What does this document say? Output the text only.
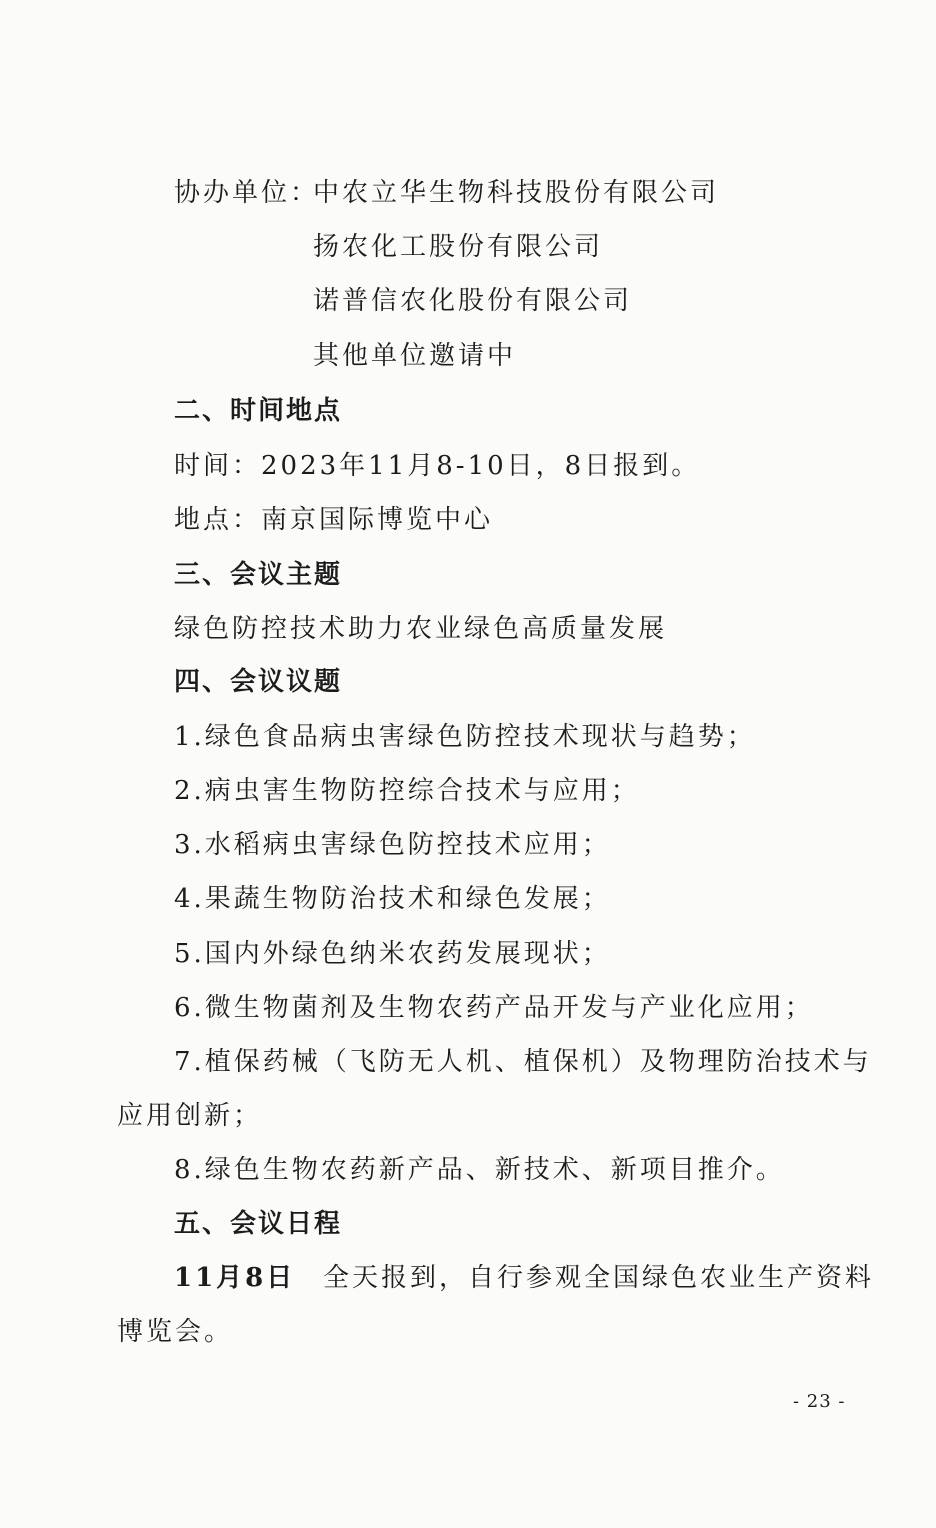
协办单位：
中农立华生物科技股份有限公司
扬农化工股份有限公司
诺普信农化股份有限公司
其他单位邀请中
二、时间地点
时间：2023年11月8-10日，8日报到。
地点：南京国际博览中心
三、会议主题
绿色防控技术助力农业绿色高质量发展
四、会议议题
1.绿色食品病虫害绿色防控技术现状与趋势；
2.病虫害生物防控综合技术与应用；
3.水稻病虫害绿色防控技术应用；
4.果蔬生物防治技术和绿色发展；
5.国内外绿色纳米农药发展现状；
6.微生物菌剂及生物农药产品开发与产业化应用；
7.植保药械（飞防无人机、植保机）及物理防治技术与
应用创新；
8.绿色生物农药新产品、新技术、新项目推介。
五、会议日程
11月8日 全天报到，自行参观全国绿色农业生产资料
博览会。
- 23 -
